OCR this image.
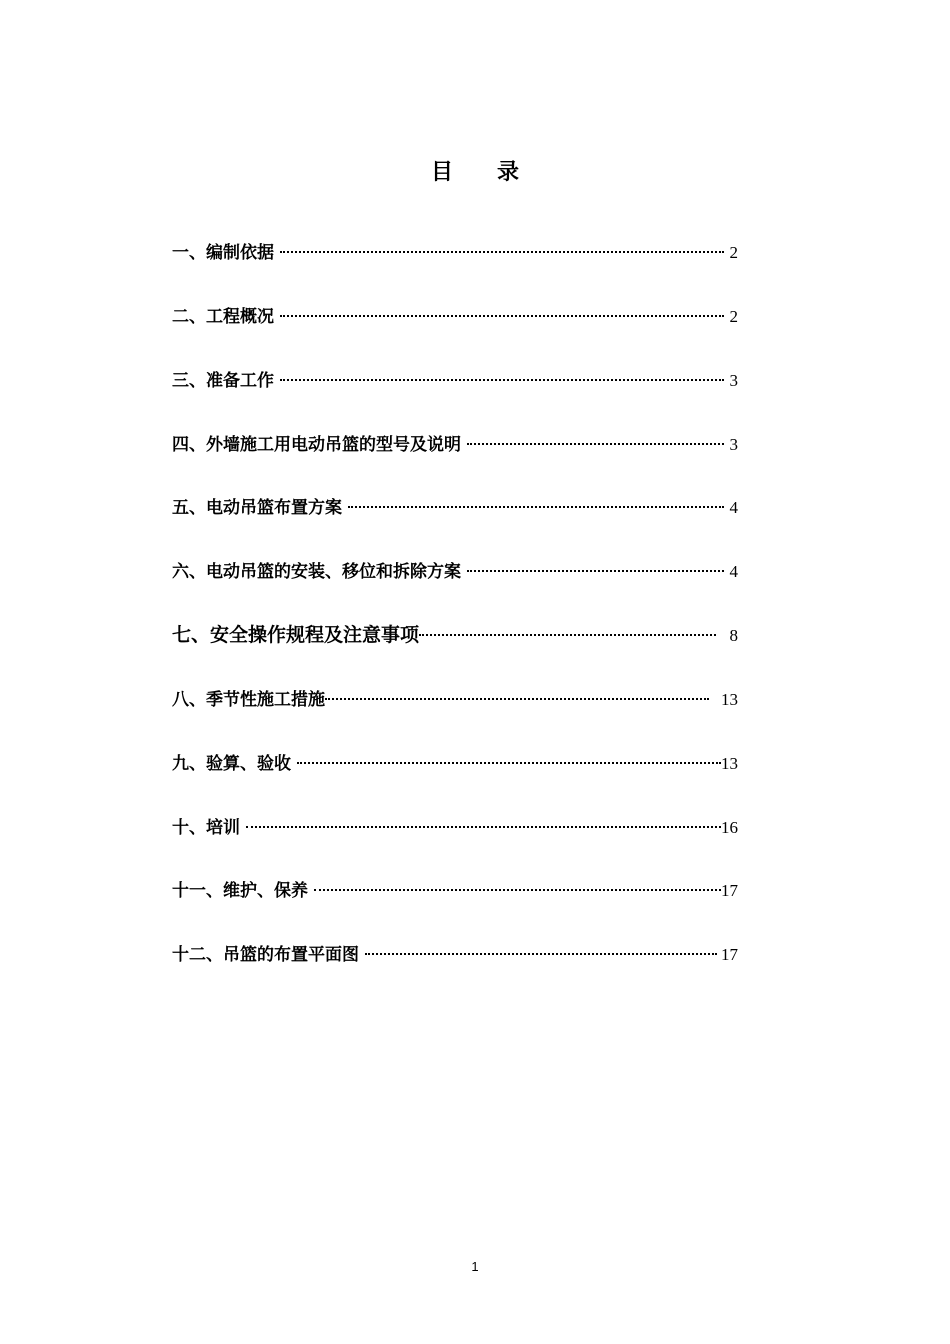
目 录
一、编制依据	2
二、工程概况	2
三、准备工作	3
四、外墙施工用电动吊篮的型号及说明	3
五、电动吊篮布置方案	4
六、电动吊篮的安装、移位和拆除方案	4
七、安全操作规程及注意事项	8
八、季节性施工措施	13
九、验算、验收	13
十、培训	16
十一、维护、保养	17
十二、吊篮的布置平面图	17
1
